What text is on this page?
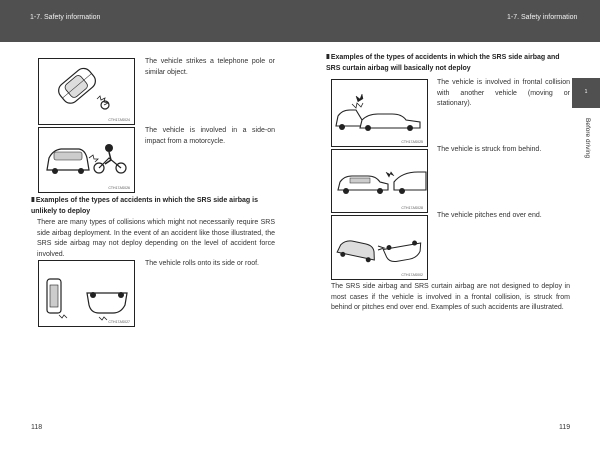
1-7. Safety information	1-7. Safety information
CTH17AS024
The vehicle strikes a telephone pole or similar object.
CTH17AS026
The vehicle is involved in a side-on impact from a motorcycle.
III Examples of the types of accidents in which the SRS side airbag is unlikely to deploy
There are many types of collisions which might not necessarily require SRS side airbag deployment. In the event of an accident like those illustrated, the SRS side airbag may not deploy depending on the level of accident force involved.
CTH17AS027
The vehicle rolls onto its side or roof.
118
III Examples of the types of accidents in which the SRS side airbag and SRS curtain airbag will basically not deploy
CTH17AS025
The vehicle is involved in frontal collision with another vehicle (moving or stationary).
CTH17AS028
The vehicle is struck from behind.
CTH17AS002
The vehicle pitches end over end.
The SRS side airbag and SRS curtain airbag are not designed to deploy in most cases if the vehicle is involved in a frontal collision, is struck from behind or pitches end over end. Examples of such accidents are illustrated.
119
1
Before driving
